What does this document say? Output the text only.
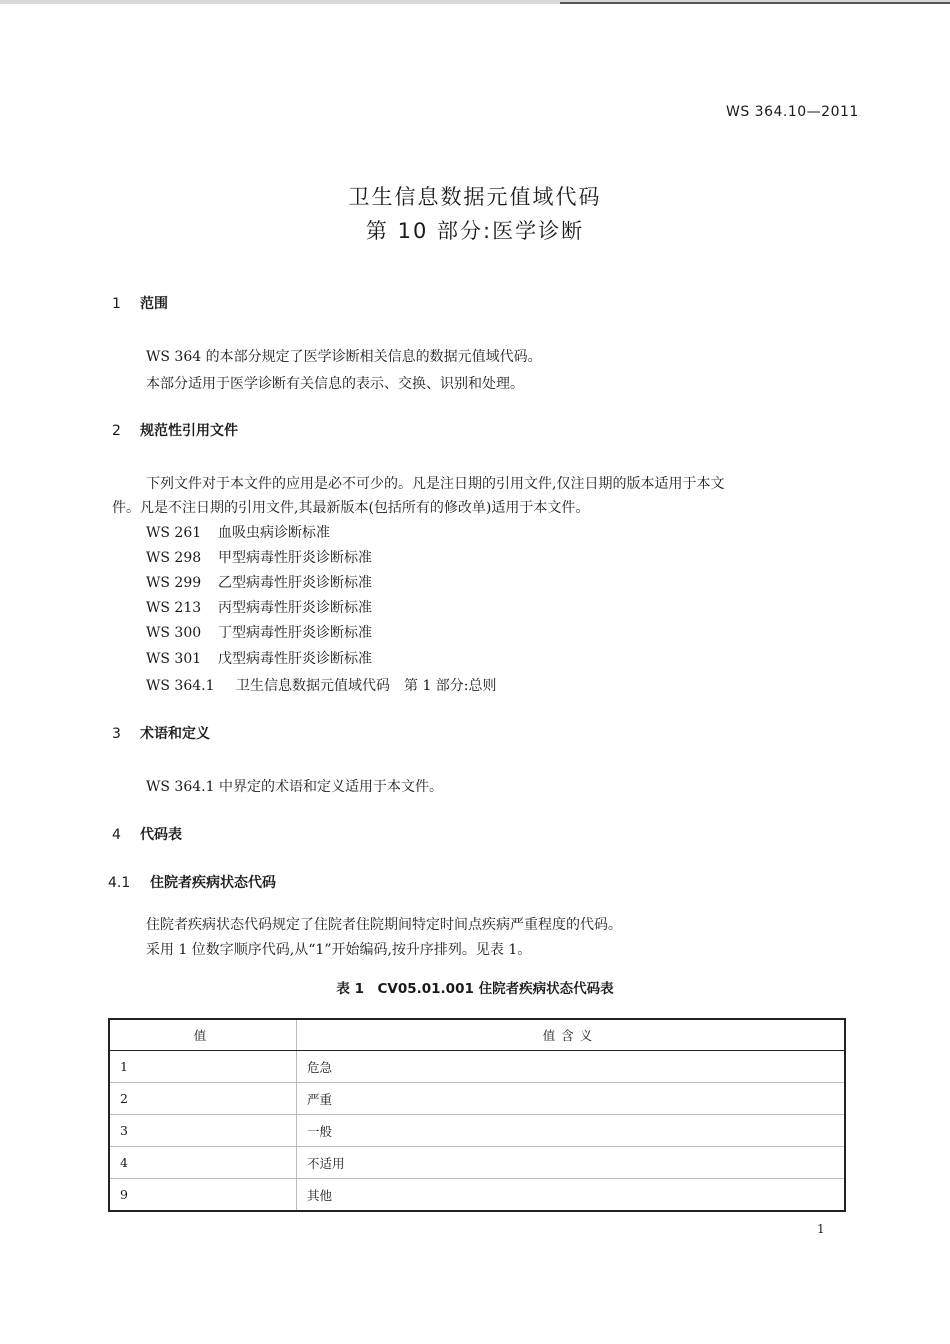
WS 364.10—2011
卫生信息数据元值域代码
第 10 部分:医学诊断
1 范围
WS 364 的本部分规定了医学诊断相关信息的数据元值域代码。
本部分适用于医学诊断有关信息的表示、交换、识别和处理。
2 规范性引用文件
下列文件对于本文件的应用是必不可少的。凡是注日期的引用文件,仅注日期的版本适用于本文
件。凡是不注日期的引用文件,其最新版本(包括所有的修改单)适用于本文件。
WS 261 血吸虫病诊断标准
WS 298 甲型病毒性肝炎诊断标准
WS 299 乙型病毒性肝炎诊断标准
WS 213 丙型病毒性肝炎诊断标准
WS 300 丁型病毒性肝炎诊断标准
WS 301 戊型病毒性肝炎诊断标准
WS 364.1 卫生信息数据元值域代码　第 1 部分:总则
3 术语和定义
WS 364.1 中界定的术语和定义适用于本文件。
4 代码表
4.1 住院者疾病状态代码
住院者疾病状态代码规定了住院者住院期间特定时间点疾病严重程度的代码。
采用 1 位数字顺序代码,从“1”开始编码,按升序排列。见表 1。
表 1　CV05.01.001 住院者疾病状态代码表
值	值含义
1	危急
2	严重
3	一般
4	不适用
9	其他
1
